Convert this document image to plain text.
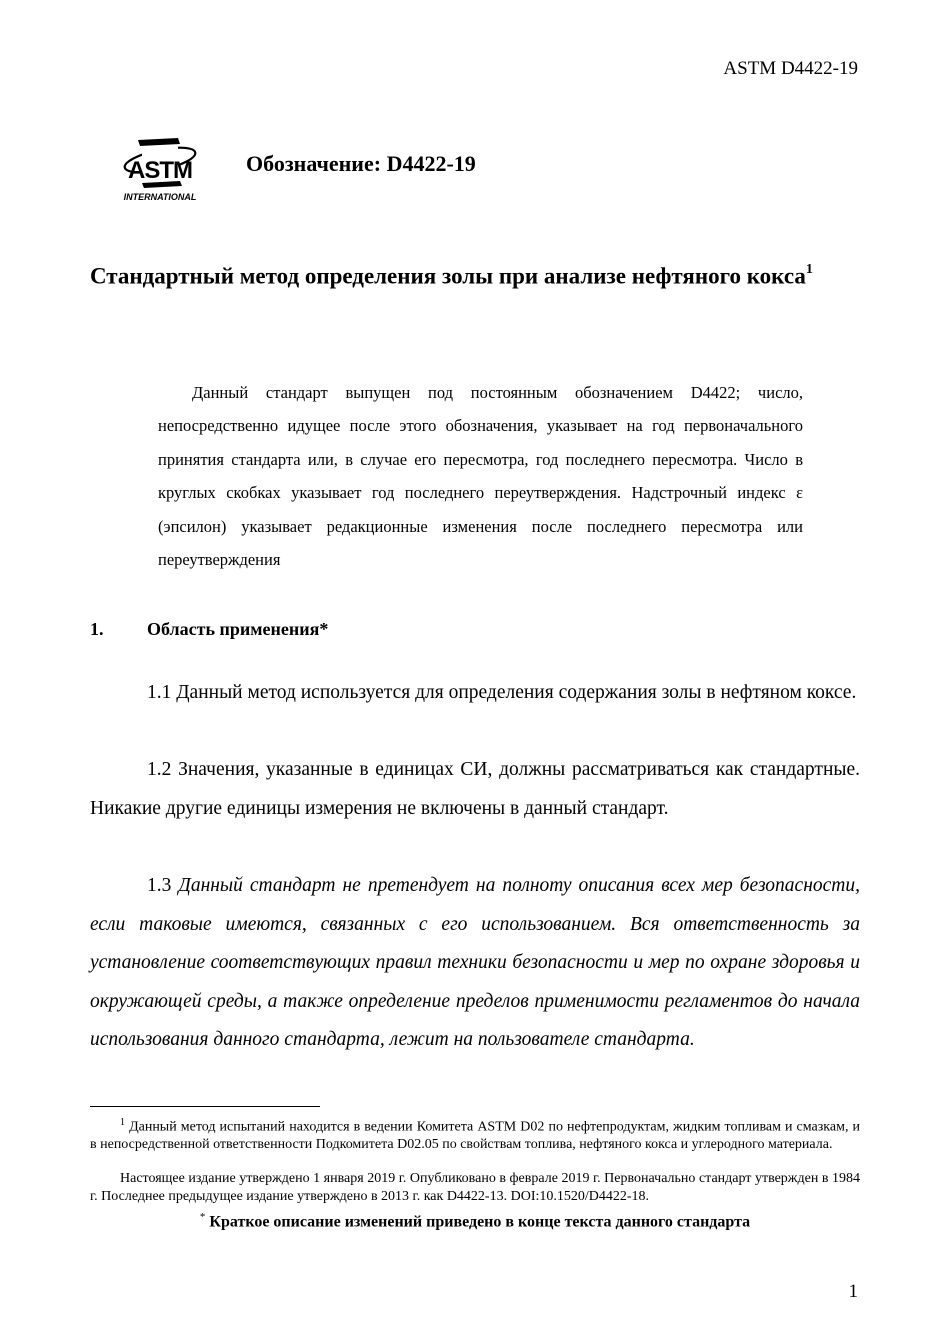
ASTM D4422-19
ASTM
INTERNATIONAL
Обозначение: D4422-19
Стандартный метод определения золы при анализе нефтяного кокса$^1$
Данный стандарт выпущен под постоянным обозначением D4422; число, непосредственно идущее после этого обозначения, указывает на год первоначального принятия стандарта или, в случае его пересмотра, год последнего пересмотра. Число в круглых скобках указывает год последнего переутверждения. Надстрочный индекс ε (эпсилон) указывает редакционные изменения после последнего пересмотра или переутверждения
1. Область применения*
1.1 Данный метод используется для определения содержания золы в нефтяном коксе.
1.2 Значения, указанные в единицах СИ, должны рассматриваться как стандартные. Никакие другие единицы измерения не включены в данный стандарт.
1.3 Данный стандарт не претендует на полноту описания всех мер безопасности, если таковые имеются, связанных с его использованием. Вся ответственность за установление соответствующих правил техники безопасности и мер по охране здоровья и окружающей среды, а также определение пределов применимости регламентов до начала использования данного стандарта, лежит на пользователе стандарта.
$^1$ Данный метод испытаний находится в ведении Комитета ASTM D02 по нефтепродуктам, жидким топливам и смазкам, и в непосредственной ответственности Подкомитета D02.05 по свойствам топлива, нефтяного кокса и углеродного материала.
Настоящее издание утверждено 1 января 2019 г. Опубликовано в феврале 2019 г. Первоначально стандарт утвержден в 1984 г. Последнее предыдущее издание утверждено в 2013 г. как D4422-13. DOI:10.1520/D4422-18.
* Краткое описание изменений приведено в конце текста данного стандарта
1
